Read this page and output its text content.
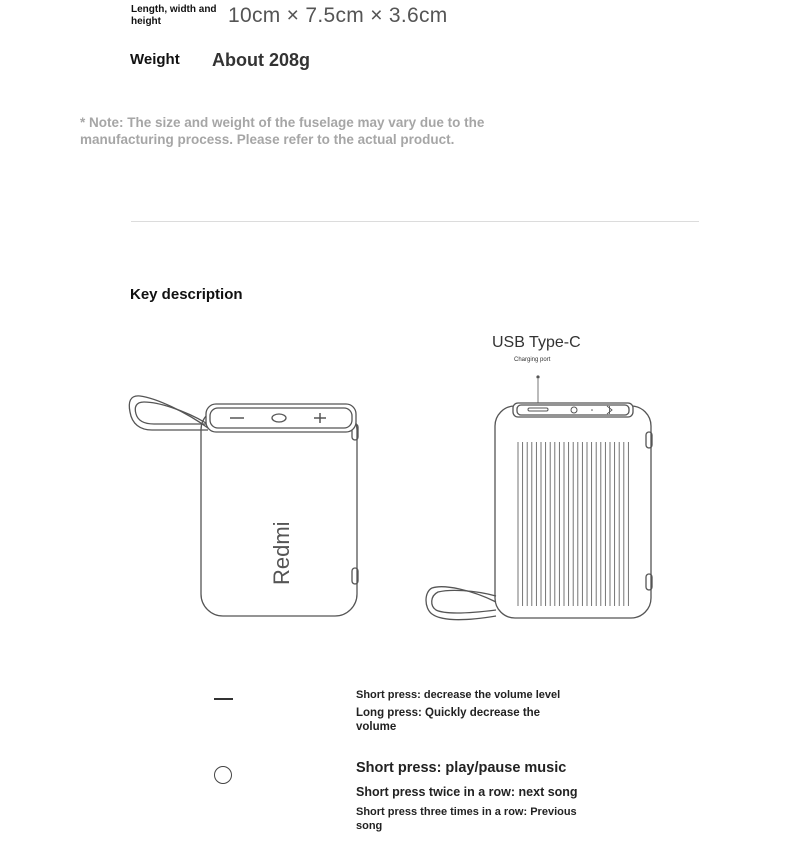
Length, width and height	10cm × 7.5cm × 3.6cm
Weight About 208g
* Note: The size and weight of the fuselage may vary due to the manufacturing process. Please refer to the actual product.
Key description
USB Type-C
Charging port
Redmi
Short press: decrease the volume level
Long press: Quickly decrease the volume
Short press: play/pause music
Short press twice in a row: next song
Short press three times in a row: Previous song
